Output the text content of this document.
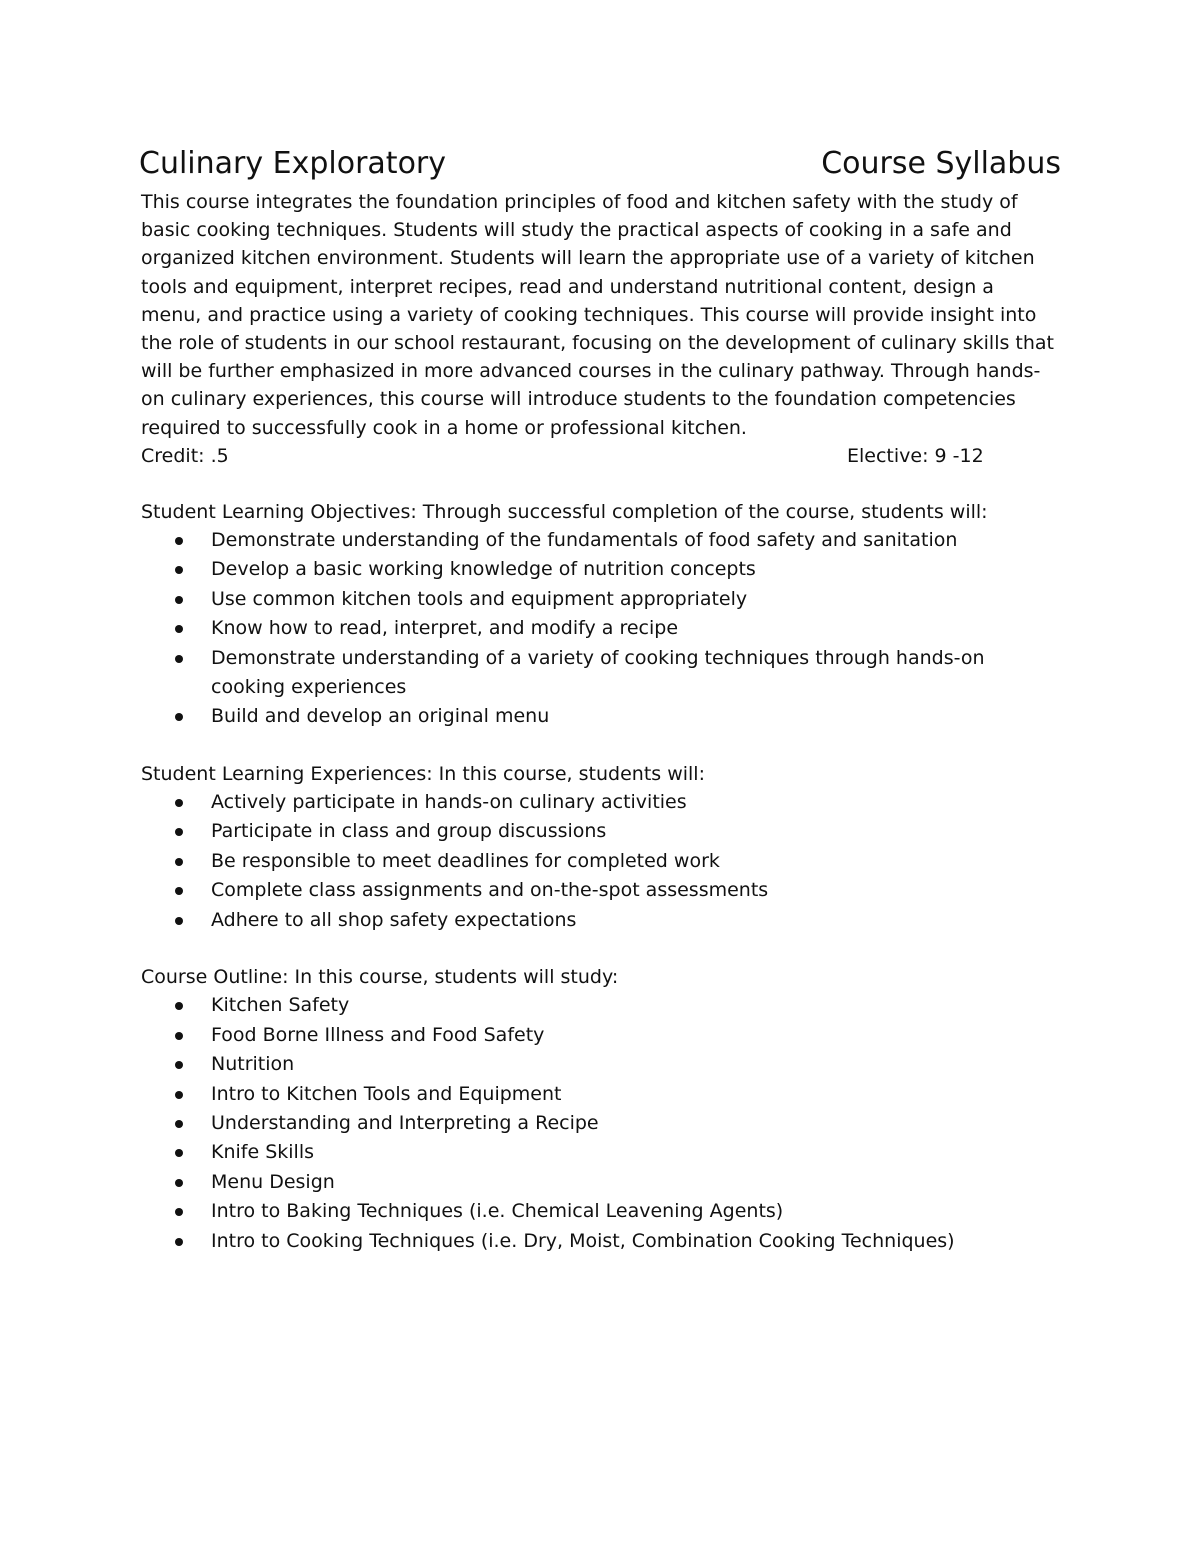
Culinary Exploratory	Course Syllabus

This course integrates the foundation principles of food and kitchen safety with the study of basic cooking techniques. Students will study the practical aspects of cooking in a safe and organized kitchen environment. Students will learn the appropriate use of a variety of kitchen tools and equipment, interpret recipes, read and understand nutritional content, design a menu, and practice using a variety of cooking techniques. This course will provide insight into the role of students in our school restaurant, focusing on the development of culinary skills that will be further emphasized in more advanced courses in the culinary pathway. Through hands-on culinary experiences, this course will introduce students to the foundation competencies required to successfully cook in a home or professional kitchen.

Credit: .5	Elective: 9 -12
Student Learning Objectives: Through successful completion of the course, students will:
Demonstrate understanding of the fundamentals of food safety and sanitation
Develop a basic working knowledge of nutrition concepts
Use common kitchen tools and equipment appropriately
Know how to read, interpret, and modify a recipe
Demonstrate understanding of a variety of cooking techniques through hands-on cooking experiences
Build and develop an original menu
Student Learning Experiences: In this course, students will:
Actively participate in hands-on culinary activities
Participate in class and group discussions
Be responsible to meet deadlines for completed work
Complete class assignments and on-the-spot assessments
Adhere to all shop safety expectations
Course Outline: In this course, students will study:
Kitchen Safety
Food Borne Illness and Food Safety
Nutrition
Intro to Kitchen Tools and Equipment
Understanding and Interpreting a Recipe
Knife Skills
Menu Design
Intro to Baking Techniques (i.e. Chemical Leavening Agents)
Intro to Cooking Techniques (i.e. Dry, Moist, Combination Cooking Techniques)
